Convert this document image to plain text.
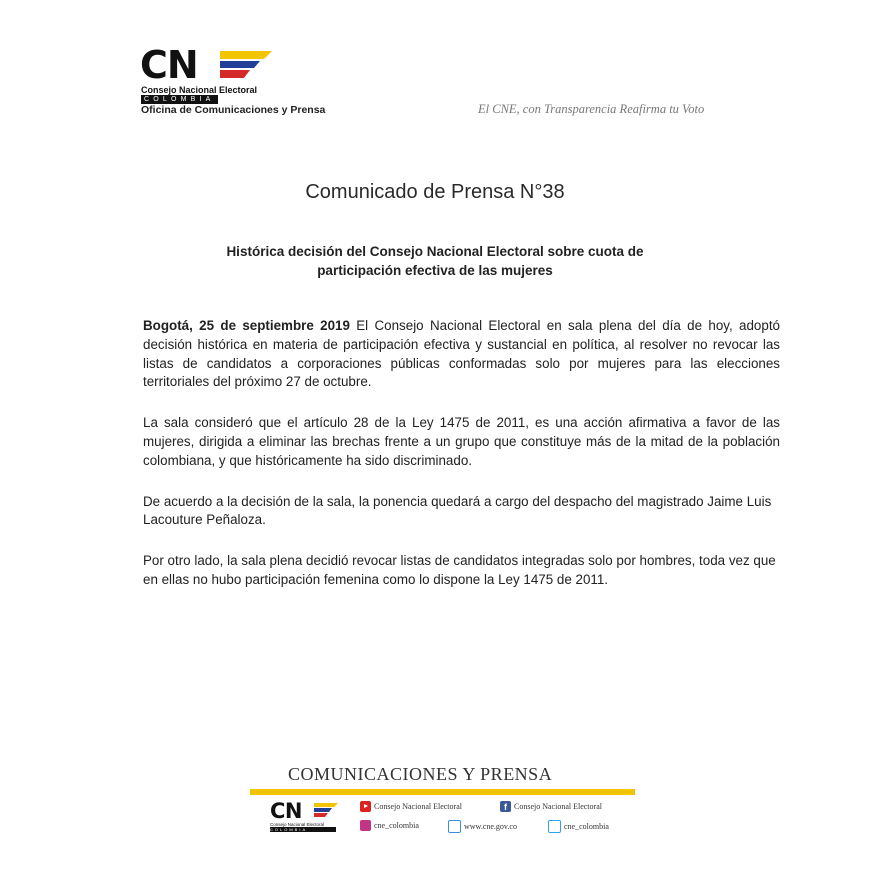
CN
Consejo Nacional Electoral
COLOMBIA
Oficina de Comunicaciones y Prensa	El CNE, con Transparencia Reafirma tu Voto
Comunicado de Prensa N°38
Histórica decisión del Consejo Nacional Electoral sobre cuota de
participación efectiva de las mujeres

Bogotá, 25 de septiembre 2019 El Consejo Nacional Electoral en sala plena del día de hoy, adoptó decisión histórica en materia de participación efectiva y sustancial en política, al resolver no revocar las listas de candidatos a corporaciones públicas conformadas solo por mujeres para las elecciones territoriales del próximo 27 de octubre.

La sala consideró que el artículo 28 de la Ley 1475 de 2011, es una acción afirmativa a favor de las mujeres, dirigida a eliminar las brechas frente a un grupo que constituye más de la mitad de la población colombiana, y que históricamente ha sido discriminado.

De acuerdo a la decisión de la sala, la ponencia quedará a cargo del despacho del magistrado Jaime Luis Lacouture Peñaloza.

Por otro lado, la sala plena decidió revocar listas de candidatos integradas solo por hombres, toda vez que en ellas no hubo participación femenina como lo dispone la Ley 1475 de 2011.

COMUNICACIONES Y PRENSA
CN
Consejo Nacional Electoral
COLOMBIA
Consejo Nacional Electoral	f Consejo Nacional Electoral
cne_colombia	www.cne.gov.co	cne_colombia
